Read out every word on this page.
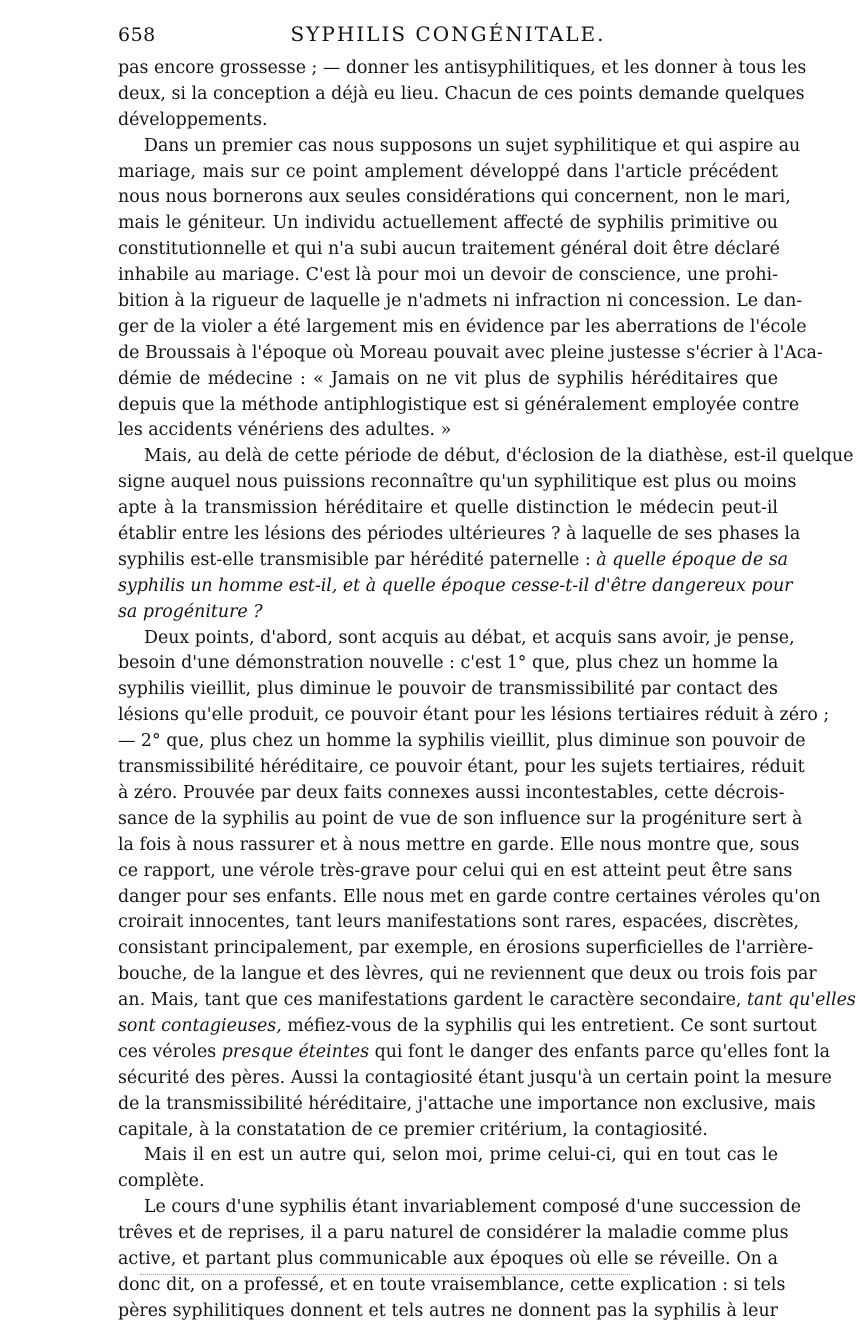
658	SYPHILIS CONGÉNITALE.
pas encore grossesse ; — donner les antisyphilitiques, et les donner à tous les
deux, si la conception a déjà eu lieu. Chacun de ces points demande quelques
développements.
Dans un premier cas nous supposons un sujet syphilitique et qui aspire au
mariage, mais sur ce point amplement développé dans l'article précédent
nous nous bornerons aux seules considérations qui concernent, non le mari,
mais le géniteur. Un individu actuellement affecté de syphilis primitive ou
constitutionnelle et qui n'a subi aucun traitement général doit être déclaré
inhabile au mariage. C'est là pour moi un devoir de conscience, une prohi-
bition à la rigueur de laquelle je n'admets ni infraction ni concession. Le dan-
ger de la violer a été largement mis en évidence par les aberrations de l'école
de Broussais à l'époque où Moreau pouvait avec pleine justesse s'écrier à l'Aca-
démie de médecine : « Jamais on ne vit plus de syphilis héréditaires que
depuis que la méthode antiphlogistique est si généralement employée contre
les accidents vénériens des adultes. »
Mais, au delà de cette période de début, d'éclosion de la diathèse, est-il quelque
signe auquel nous puissions reconnaître qu'un syphilitique est plus ou moins
apte à la transmission héréditaire et quelle distinction le médecin peut-il
établir entre les lésions des périodes ultérieures ? à laquelle de ses phases la
syphilis est-elle transmisible par hérédité paternelle : à quelle époque de sa
syphilis un homme est-il, et à quelle époque cesse-t-il d'être dangereux pour
sa progéniture ?
Deux points, d'abord, sont acquis au débat, et acquis sans avoir, je pense,
besoin d'une démonstration nouvelle : c'est 1° que, plus chez un homme la
syphilis vieillit, plus diminue le pouvoir de transmissibilité par contact des
lésions qu'elle produit, ce pouvoir étant pour les lésions tertiaires réduit à zéro ;
— 2° que, plus chez un homme la syphilis vieillit, plus diminue son pouvoir de
transmissibilité héréditaire, ce pouvoir étant, pour les sujets tertiaires, réduit
à zéro. Prouvée par deux faits connexes aussi incontestables, cette décrois-
sance de la syphilis au point de vue de son influence sur la progéniture sert à
la fois à nous rassurer et à nous mettre en garde. Elle nous montre que, sous
ce rapport, une vérole très-grave pour celui qui en est atteint peut être sans
danger pour ses enfants. Elle nous met en garde contre certaines véroles qu'on
croirait innocentes, tant leurs manifestations sont rares, espacées, discrètes,
consistant principalement, par exemple, en érosions superficielles de l'arrière-
bouche, de la langue et des lèvres, qui ne reviennent que deux ou trois fois par
an. Mais, tant que ces manifestations gardent le caractère secondaire, tant qu'elles
sont contagieuses, méfiez-vous de la syphilis qui les entretient. Ce sont surtout
ces véroles presque éteintes qui font le danger des enfants parce qu'elles font la
sécurité des pères. Aussi la contagiosité étant jusqu'à un certain point la mesure
de la transmissibilité héréditaire, j'attache une importance non exclusive, mais
capitale, à la constatation de ce premier critérium, la contagiosité.
Mais il en est un autre qui, selon moi, prime celui-ci, qui en tout cas le
complète.
Le cours d'une syphilis étant invariablement composé d'une succession de
trêves et de reprises, il a paru naturel de considérer la maladie comme plus
active, et partant plus communicable aux époques où elle se réveille. On a
donc dit, on a professé, et en toute vraisemblance, cette explication : si tels
pères syphilitiques donnent et tels autres ne donnent pas la syphilis à leur
